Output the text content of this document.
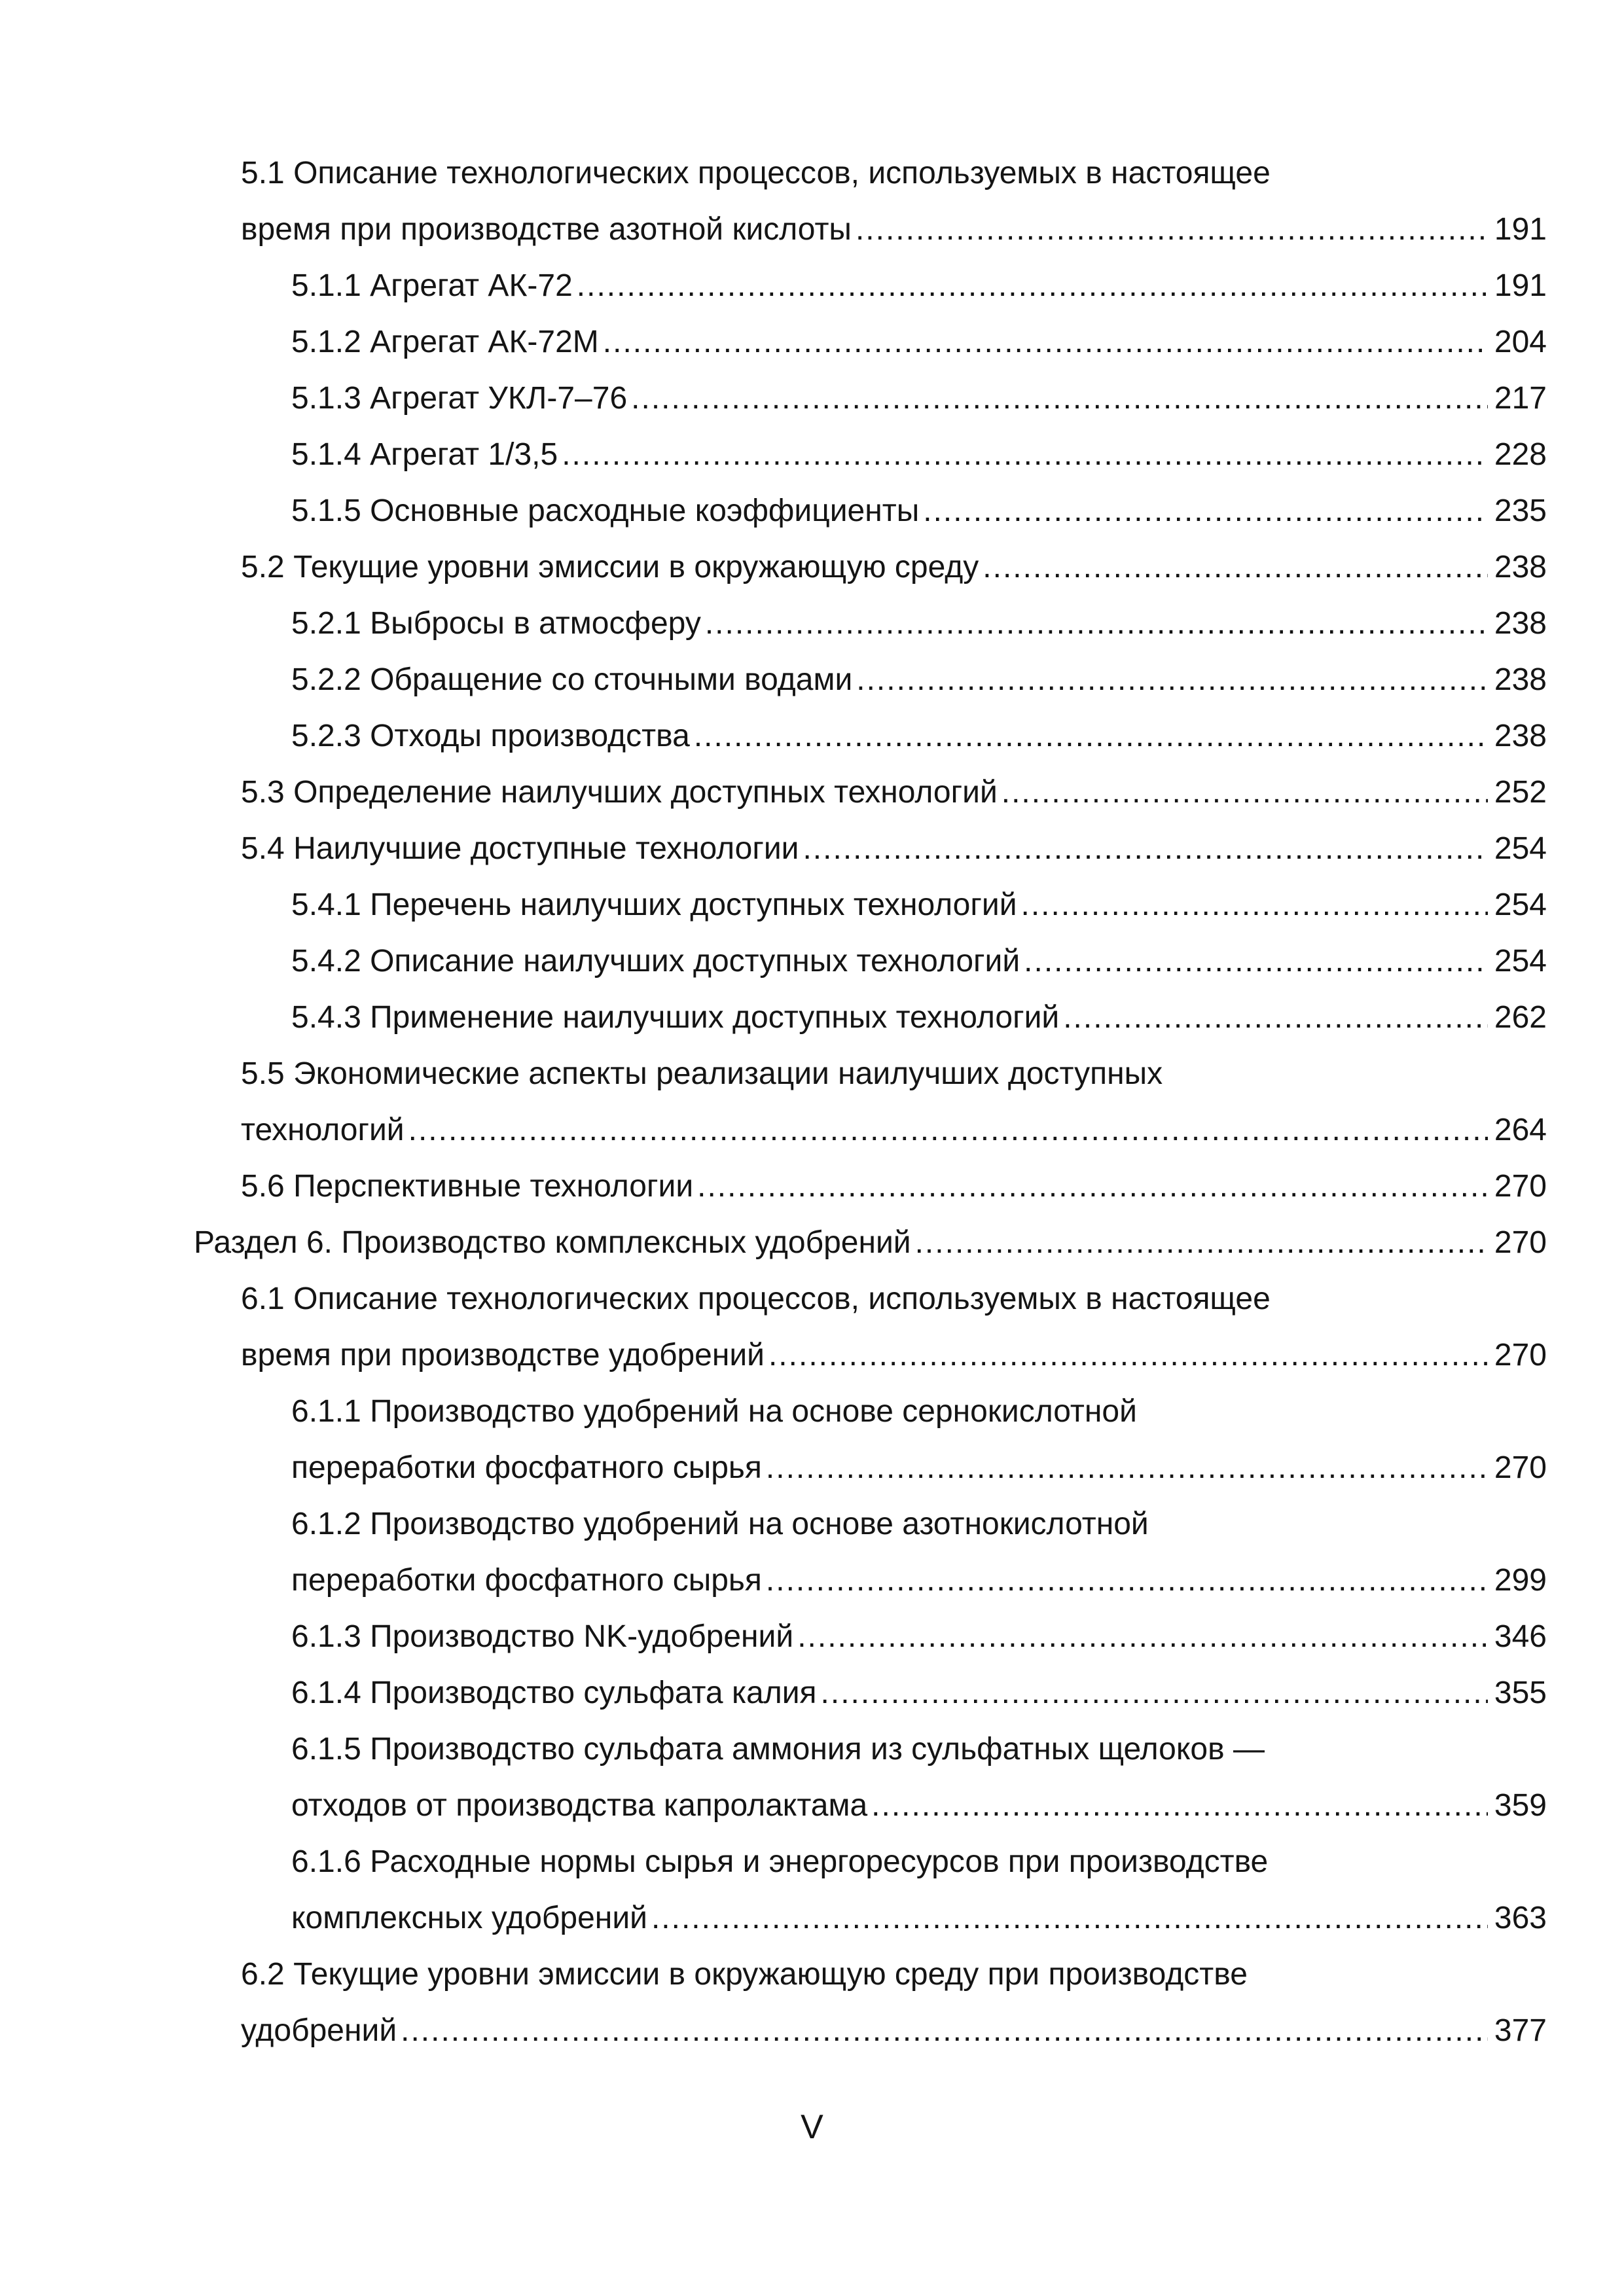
5.1 Описание технологических процессов, используемых в настоящее
время при производстве азотной кислоты .....	191
5.1.1 Агрегат АК-72 .....	191
5.1.2 Агрегат АК-72М .....	204
5.1.3 Агрегат УКЛ-7–76 .....	217
5.1.4 Агрегат 1/3,5 .....	228
5.1.5 Основные расходные коэффициенты .....	235
5.2 Текущие уровни эмиссии в окружающую среду .....	238
5.2.1 Выбросы в атмосферу .....	238
5.2.2 Обращение со сточными водами .....	238
5.2.3 Отходы производства .....	238
5.3 Определение наилучших доступных технологий .....	252
5.4 Наилучшие доступные технологии .....	254
5.4.1 Перечень наилучших доступных технологий .....	254
5.4.2 Описание наилучших доступных технологий .....	254
5.4.3 Применение наилучших доступных технологий .....	262
5.5 Экономические аспекты реализации наилучших доступных
технологий .....	264
5.6 Перспективные технологии .....	270
Раздел 6. Производство комплексных удобрений .....	270
6.1 Описание технологических процессов, используемых в настоящее
время при производстве удобрений .....	270
6.1.1 Производство удобрений на основе сернокислотной
переработки фосфатного сырья .....	270
6.1.2 Производство удобрений на основе азотнокислотной
переработки фосфатного сырья .....	299
6.1.3 Производство NK-удобрений .....	346
6.1.4 Производство сульфата калия .....	355
6.1.5 Производство сульфата аммония из сульфатных щелоков —
отходов от производства капролактама .....	359
6.1.6 Расходные нормы сырья и энергоресурсов при производстве
комплексных удобрений .....	363
6.2 Текущие уровни эмиссии в окружающую среду при производстве
удобрений .....	377
V
